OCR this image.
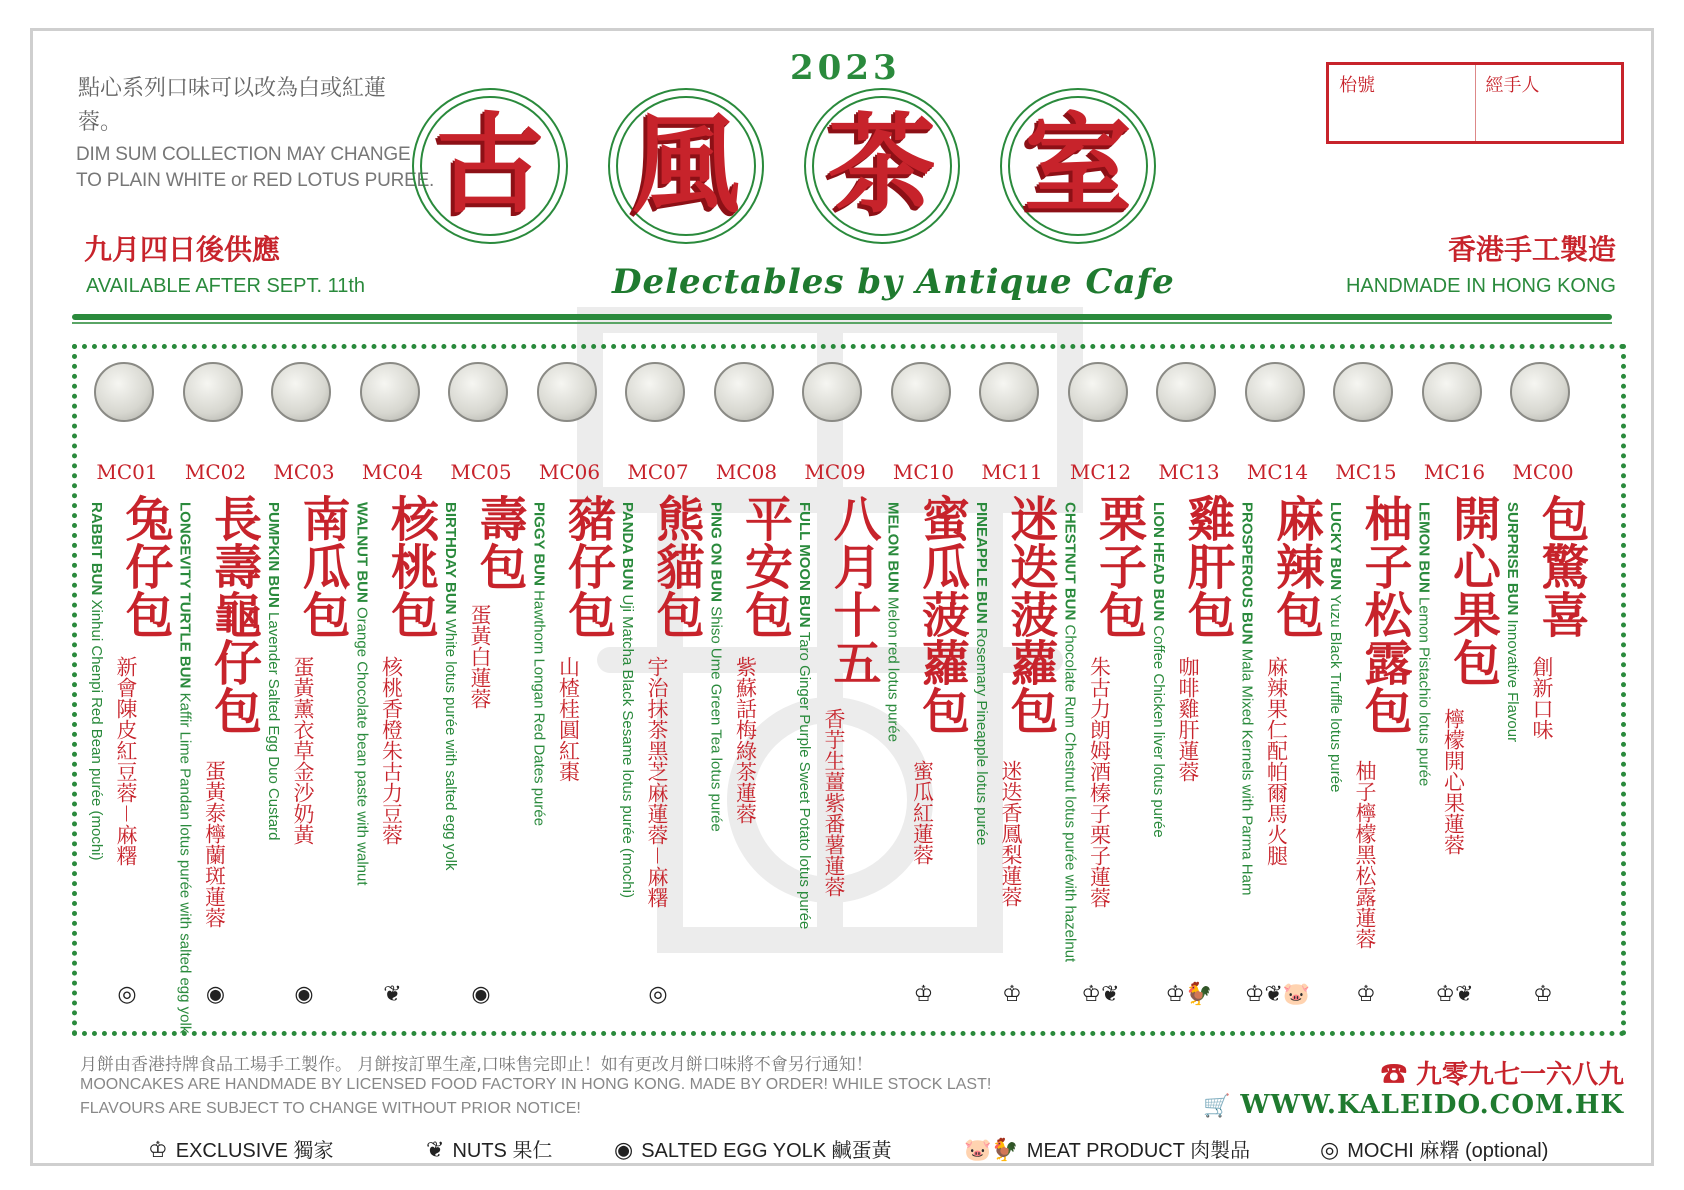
點心系列口味可以改為白或紅蓮蓉。
DIM SUM COLLECTION MAY CHANGE
TO PLAIN WHITE or RED LOTUS PUREE.
2023
古 風 茶 室
Delectables by Antique Cafe
九月四日後供應
AVAILABLE AFTER SEPT. 11th
香港手工製造
HANDMADE IN HONG KONG
枱號	經手人
MC01
RABBIT BUN Xinhui Chenpi Red Bean purée (mochi)
兔仔包
新會陳皮紅豆蓉－麻糬
◎
MC02
LONGEVITY TURTLE BUN Kaffir Lime Pandan lotus purée with salted egg yolk
長壽龜仔包
蛋黃泰檸蘭斑蓮蓉
◉
MC03
PUMPKIN BUN Lavender Salted Egg Duo Custard
南瓜包
蛋黃薰衣草金沙奶黃
◉
MC04
WALNUT BUN Orange Chocolate bean paste with walnut
核桃包
核桃香橙朱古力豆蓉
❦
MC05
BIRTHDAY BUN White lotus purée with salted egg yolk
壽包
蛋黃白蓮蓉
◉
MC06
PIGGY BUN Hawthorn Longan Red Dates purée
豬仔包
山楂桂圓紅棗
MC07
PANDA BUN Uji Matcha Black Sesame lotus purée (mochi)
熊貓包
宇治抹茶黑芝麻蓮蓉－麻糬
◎
MC08
PING ON BUN Shiso Ume Green Tea lotus purée
平安包
紫蘇話梅綠茶蓮蓉
MC09
FULL MOON BUN Taro Ginger Purple Sweet Potato lotus purée
八月十五
香芋生薑紫番薯蓮蓉
MC10
MELON BUN Melon red lotus purée 蜜瓜菠蘿包
蜜瓜紅蓮蓉
♔
MC11
PINEAPPLE BUN Rosemary Pineapple lotus purée
迷迭菠蘿包
迷迭香鳳梨蓮蓉
♔
MC12
CHESTNUT BUN Chocolate Rum Chestnut lotus purée with hazelnut
栗子包
朱古力朗姆酒榛子栗子蓮蓉
♔❦
MC13
LION HEAD BUN Coffee Chicken liver lotus purée
雞肝包
咖啡雞肝蓮蓉
♔🐓
MC14
PROSPEROUS BUN Mala Mixed Kernels with Parma Ham
麻辣包
麻辣果仁配帕爾馬火腿
♔❦🐷
MC15
LUCKY BUN Yuzu Black Truffle lotus purée 柚子松露包
柚子檸檬黑松露蓮蓉
♔
MC16
LEMON BUN Lemon Pistachio lotus purée
開心果包
檸檬開心果蓮蓉
♔❦
MC00
SURPRISE BUN Innovative Flavour
包驚喜
創新口味
♔
月餅由香港持牌食品工場手工製作。 月餅按訂單生產,口味售完即止！如有更改月餅口味將不會另行通知！
MOONCAKES ARE HANDMADE BY LICENSED FOOD FACTORY IN HONG KONG. MADE BY ORDER! WHILE STOCK LAST!
FLAVOURS ARE SUBJECT TO CHANGE WITHOUT PRIOR NOTICE!
☎ 九零九七一六八九
🛒 WWW.KALEIDO.COM.HK
♔ EXCLUSIVE 獨家	❦ NUTS 果仁	◉ SALTED EGG YOLK 鹹蛋黃	🐷🐓 MEAT PRODUCT 肉製品	◎ MOCHI 麻糬 (optional)
